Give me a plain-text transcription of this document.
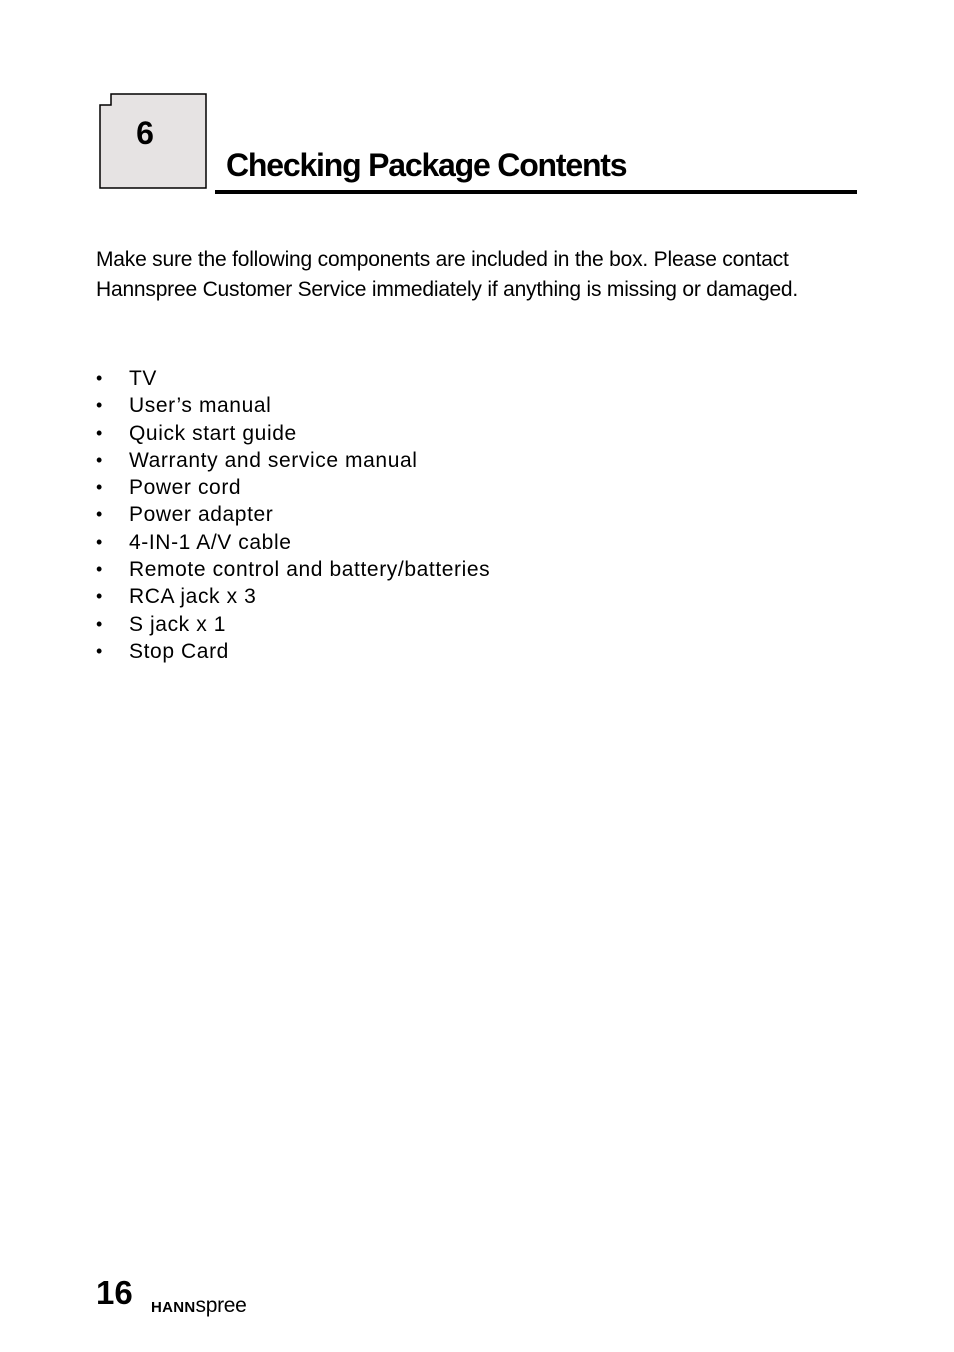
6
Checking Package Contents

Make sure the following components are included in the box. Please contact Hannspree Customer Service immediately if anything is missing or damaged.

• TV
• User’s manual
• Quick start guide
• Warranty and service manual
• Power cord
• Power adapter
• 4-IN-1 A/V cable
• Remote control and battery/batteries
• RCA jack x 3
• S jack x 1
• Stop Card
16 HANNspree
